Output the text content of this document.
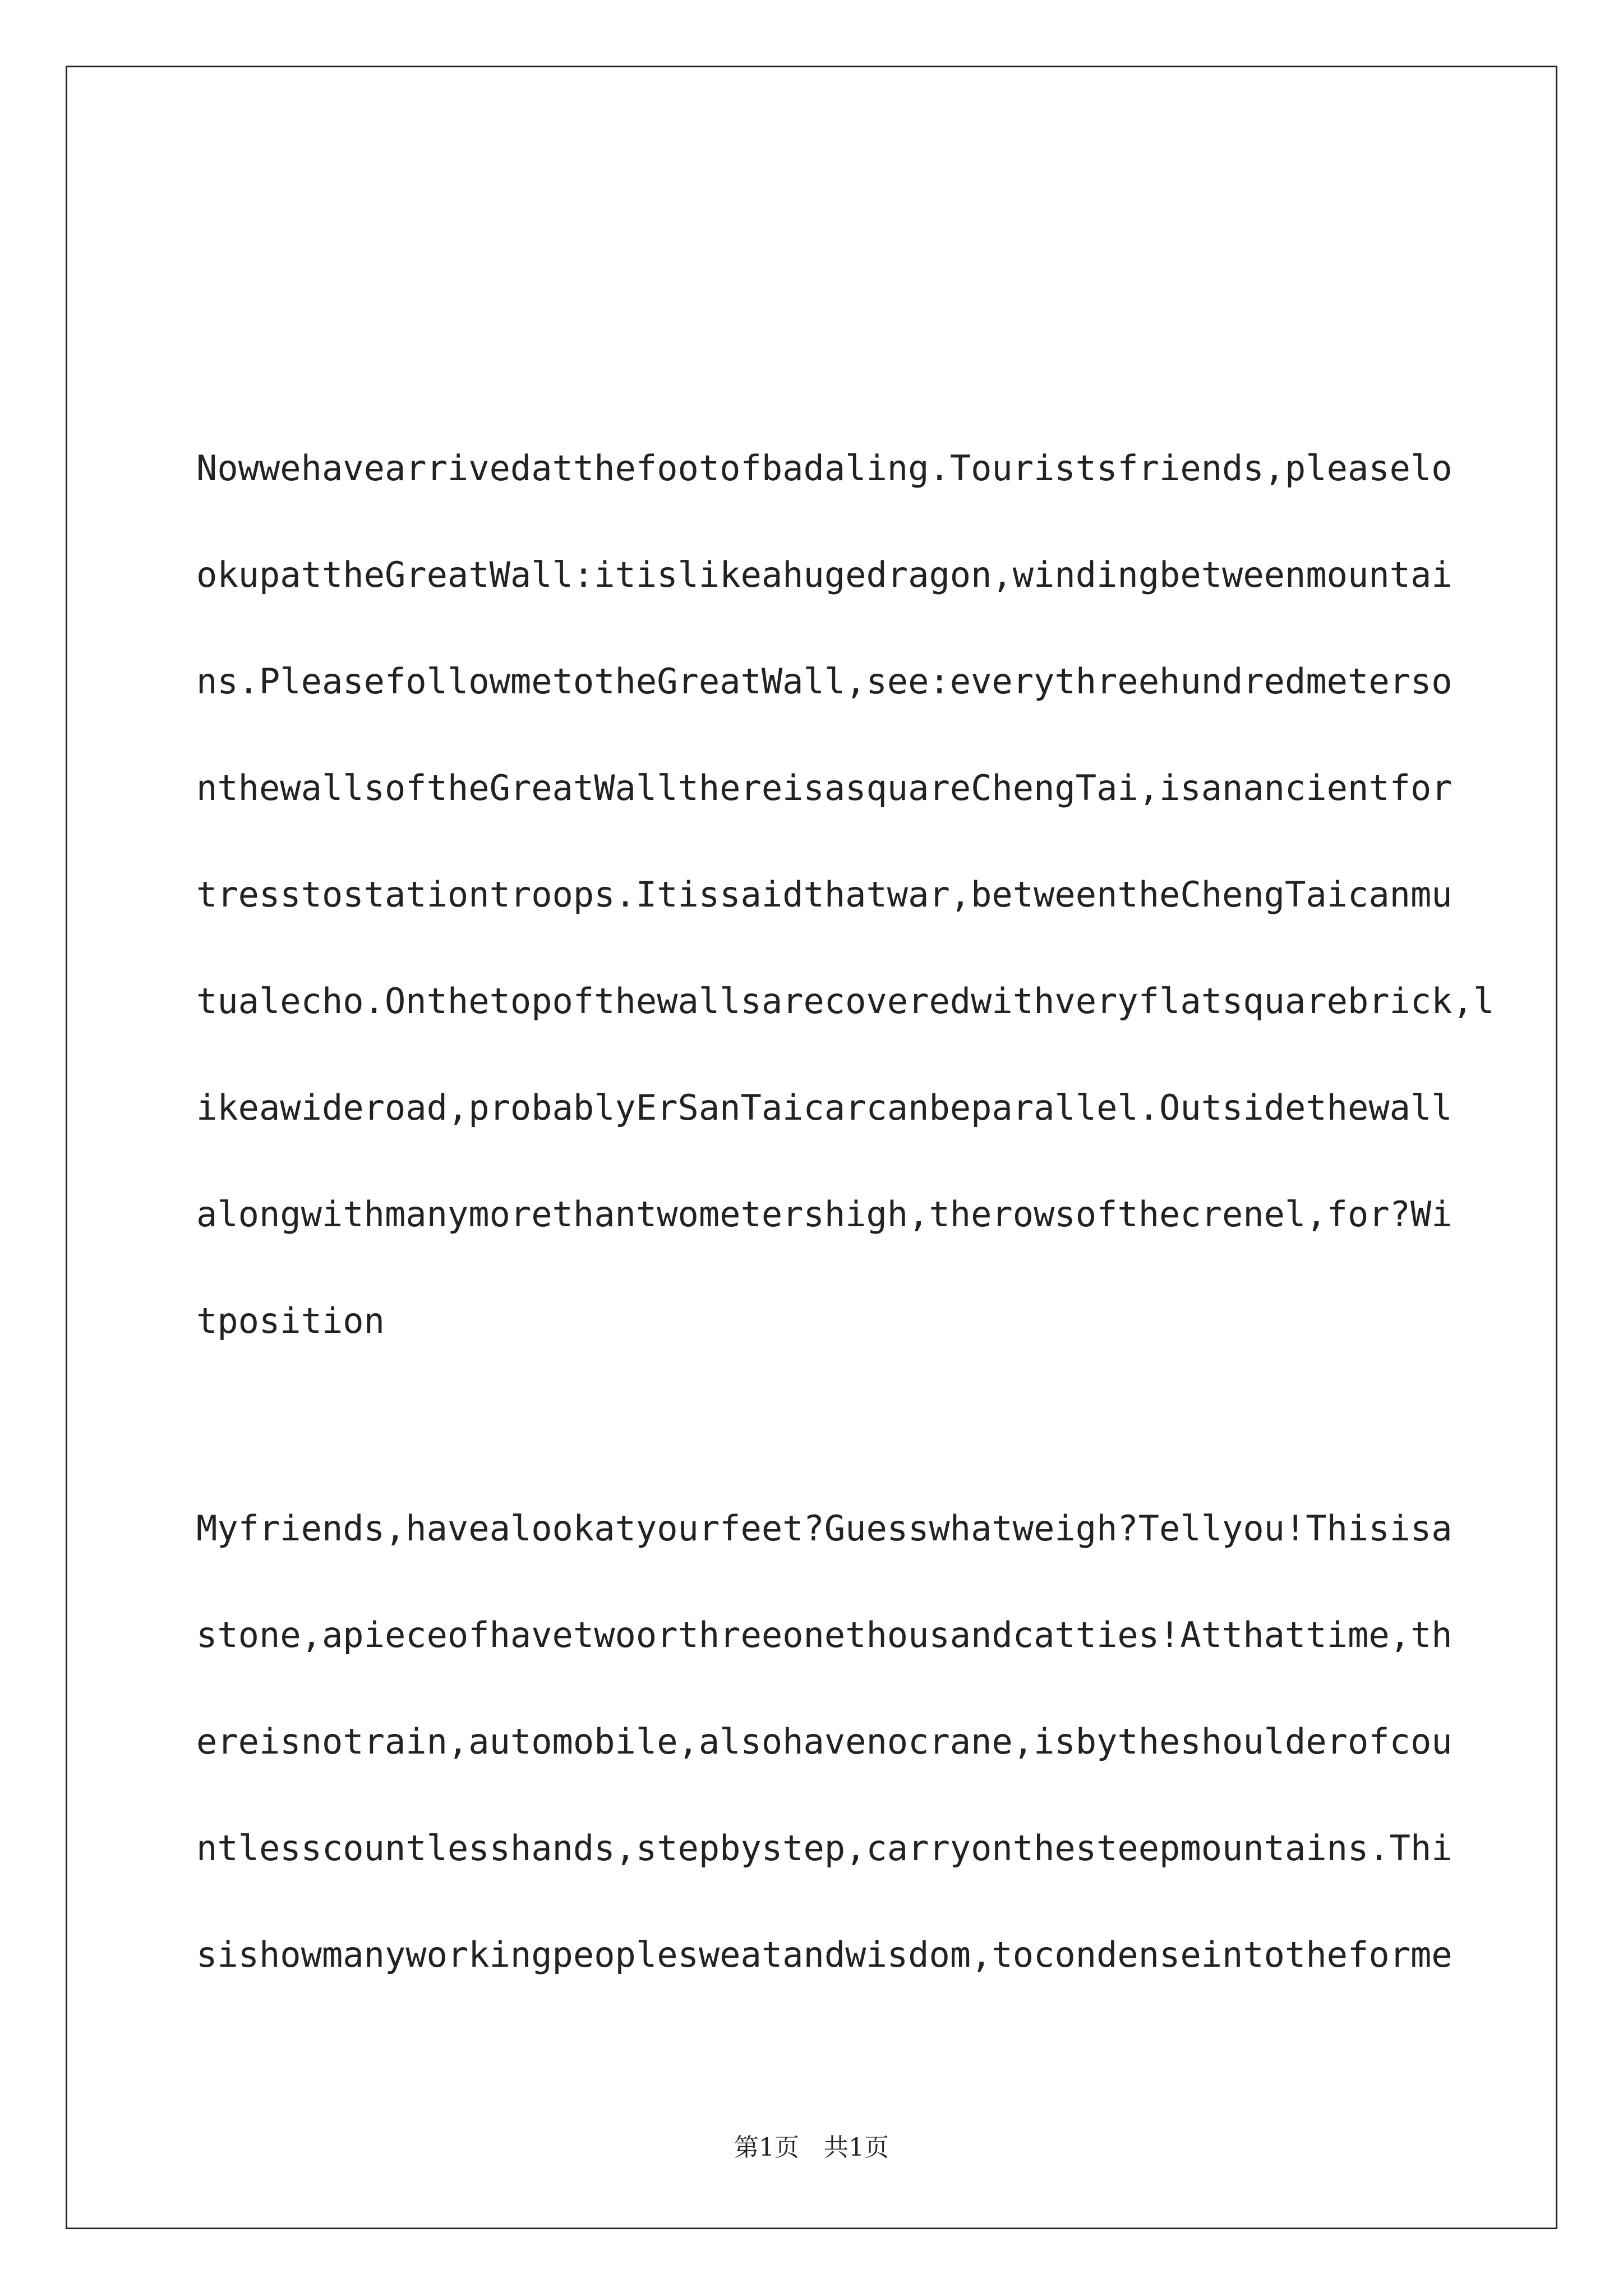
Nowwehavearrivedatthefootofbadaling.Touristsfriends,pleaselo
okupattheGreatWall:itislikeahugedragon,windingbetweenmountai
ns.PleasefollowmetotheGreatWall,see:everythreehundredmeterso
nthewallsoftheGreatWallthereisasquareChengTai,isanancientfor
tresstostationtroops.Itissaidthatwar,betweentheChengTaicanmu
tualecho.Onthetopofthewallsarecoveredwithveryflatsquarebrick,l
ikeawideroad,probablyErSanTaicarcanbeparallel.Outsidethewall
alongwithmanymorethantwometershigh,therowsofthecrenel,for?Wi
tposition
Myfriends,havealookatyourfeet?Guesswhatweigh?Tellyou!Thisisa
stone,apieceofhavetwoorthreeonethousandcatties!Atthattime,th
ereisnotrain,automobile,alsohavenocrane,isbytheshoulderofcou
ntlesscountlesshands,stepbystep,carryonthesteepmountains.Thi
sishowmanyworkingpeoplesweatandwisdom,tocondenseintotheforme
第1页　共1页
